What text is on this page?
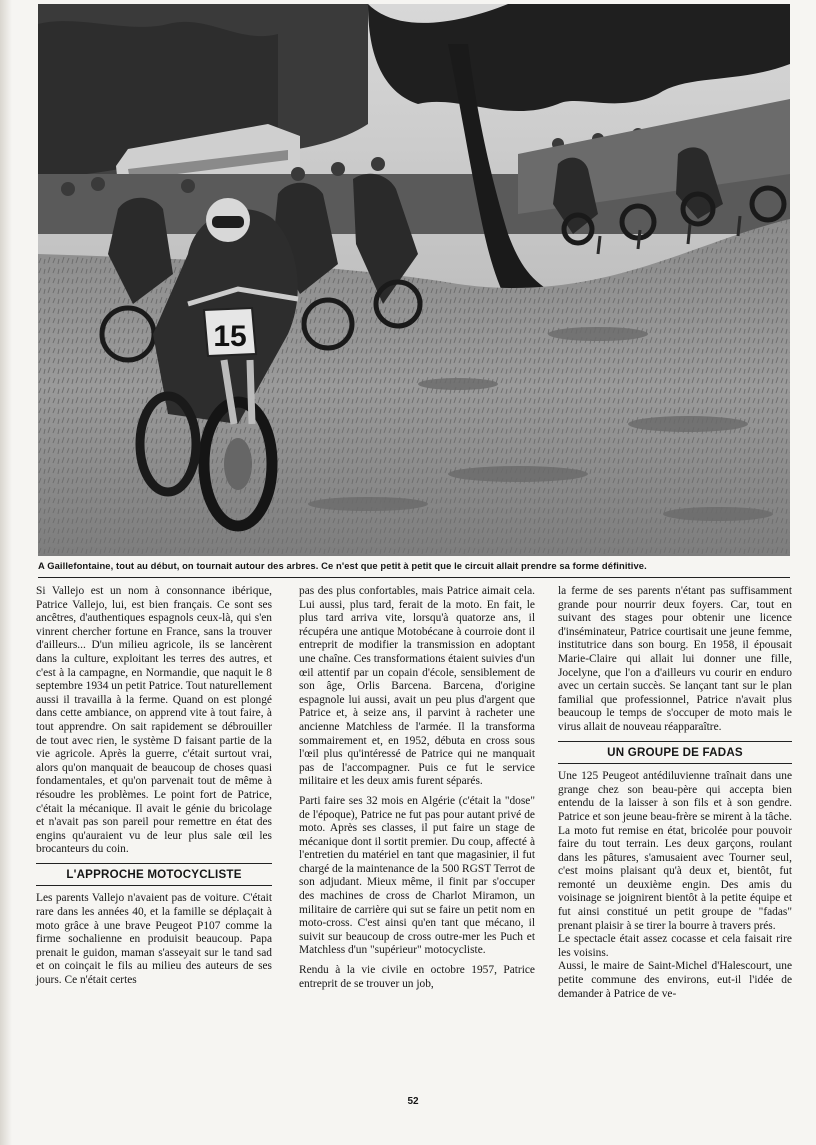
15
A Gaillefontaine, tout au début, on tournait autour des arbres. Ce n'est que petit à petit que le circuit allait prendre sa forme définitive.

Si Vallejo est un nom à consonnance ibérique, Patrice Vallejo, lui, est bien français. Ce sont ses ancêtres, d'authentiques espagnols ceux-là, qui s'en vinrent chercher fortune en France, sans la trouver d'ailleurs... D'un milieu agricole, ils se lancèrent dans la culture, exploitant les terres des autres, et c'est à la campagne, en Normandie, que naquit le 8 septembre 1934 un petit Patrice. Tout naturellement aussi il travailla à la ferme. Quand on est plongé dans cette ambiance, on apprend vite à tout faire, à tout apprendre. On sait rapidement se débrouiller de tout avec rien, le système D faisant partie de la vie agricole. Après la guerre, c'était surtout vrai, alors qu'on manquait de beaucoup de choses quasi fondamentales, et qu'on parvenait tout de même à résoudre les problèmes. Le point fort de Patrice, c'était la mécanique. Il avait le génie du bricolage et n'avait pas son pareil pour remettre en état des engins qu'auraient vu de leur plus sale œil les brocanteurs du coin.

L'APPROCHE MOTOCYCLISTE

Les parents Vallejo n'avaient pas de voiture. C'était rare dans les années 40, et la famille se déplaçait à moto grâce à une brave Peugeot P107 comme la firme sochalienne en produisit beaucoup. Papa prenait le guidon, maman s'asseyait sur le tand sad et on coinçait le fils au milieu des auteurs de ses jours. Ce n'était certes

pas des plus confortables, mais Patrice aimait cela. Lui aussi, plus tard, ferait de la moto. En fait, le plus tard arriva vite, lorsqu'à quatorze ans, il récupéra une antique Motobécane à courroie dont il entreprit de modifier la transmission en adoptant une chaîne. Ces transformations étaient suivies d'un œil attentif par un copain d'école, sensiblement de son âge, Orlis Barcena. Barcena, d'origine espagnole lui aussi, avait un peu plus d'argent que Patrice et, à seize ans, il parvint à racheter une ancienne Matchless de l'armée. Il la transforma sommairement et, en 1952, débuta en cross sous l'œil plus qu'intéressé de Patrice qui ne manquait pas de l'accompagner. Puis ce fut le service militaire et les deux amis furent séparés.

Parti faire ses 32 mois en Algérie (c'était la "dose" de l'époque), Patrice ne fut pas pour autant privé de moto. Après ses classes, il put faire un stage de mécanique dont il sortit premier. Du coup, affecté à l'entretien du matériel en tant que magasinier, il fut chargé de la maintenance de la 500 RGST Terrot de son adjudant. Mieux même, il finit par s'occuper des machines de cross de Charlot Miramon, un militaire de carrière qui sut se faire un petit nom en moto-cross. C'est ainsi qu'en tant que mécano, il suivit sur beaucoup de cross outre-mer les Puch et Matchless d'un "supérieur" motocycliste.

Rendu à la vie civile en octobre 1957, Patrice entreprit de se trouver un job,

la ferme de ses parents n'étant pas suffisamment grande pour nourrir deux foyers. Car, tout en suivant des stages pour obtenir une licence d'inséminateur, Patrice courtisait une jeune femme, institutrice dans son bourg. En 1958, il épousait Marie-Claire qui allait lui donner une fille, Jocelyne, que l'on a d'ailleurs vu courir en enduro avec un certain succès. Se lançant tant sur le plan familial que professionnel, Patrice n'avait plus beaucoup le temps de s'occuper de moto mais le virus allait de nouveau réapparaître.

UN GROUPE DE FADAS

Une 125 Peugeot antédiluvienne traînait dans une grange chez son beau-père qui accepta bien entendu de la laisser à son fils et à son gendre. Patrice et son jeune beau-frère se mirent à la tâche. La moto fut remise en état, bricolée pour pouvoir faire du tout terrain. Les deux garçons, roulant dans les pâtures, s'amusaient avec Tourner seul, c'est moins plaisant qu'à deux et, bientôt, fut remonté un deuxième engin. Des amis du voisinage se joignirent bientôt à la petite équipe et fut ainsi constitué un petit groupe de "fadas" prenant plaisir à se tirer la bourre à travers prés.

Le spectacle était assez cocasse et cela faisait rire les voisins.

Aussi, le maire de Saint-Michel d'Halescourt, une petite commune des environs, eut-il l'idée de demander à Patrice de ve-

52
